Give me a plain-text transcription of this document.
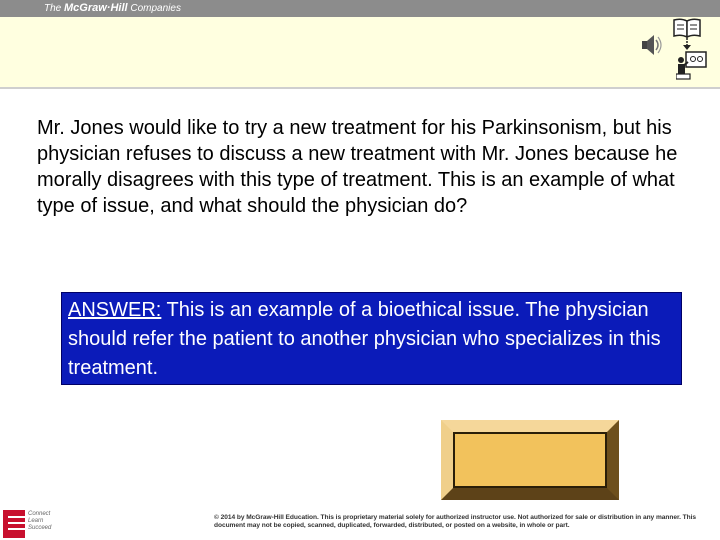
The McGraw·Hill Companies
Mr. Jones would like to try a new treatment for his Parkinsonism, but his physician refuses to discuss a new treatment with Mr. Jones because he morally disagrees with this type of treatment. This is an example of what type of issue, and what should the physician do?
ANSWER: This is an example of a bioethical issue. The physician should refer the patient to another physician who specializes in this treatment.
Connect Learn Succeed
© 2014 by McGraw-Hill Education. This is proprietary material solely for authorized instructor use. Not authorized for sale or distribution in any manner. This document may not be copied, scanned, duplicated, forwarded, distributed, or posted on a website, in whole or part.
